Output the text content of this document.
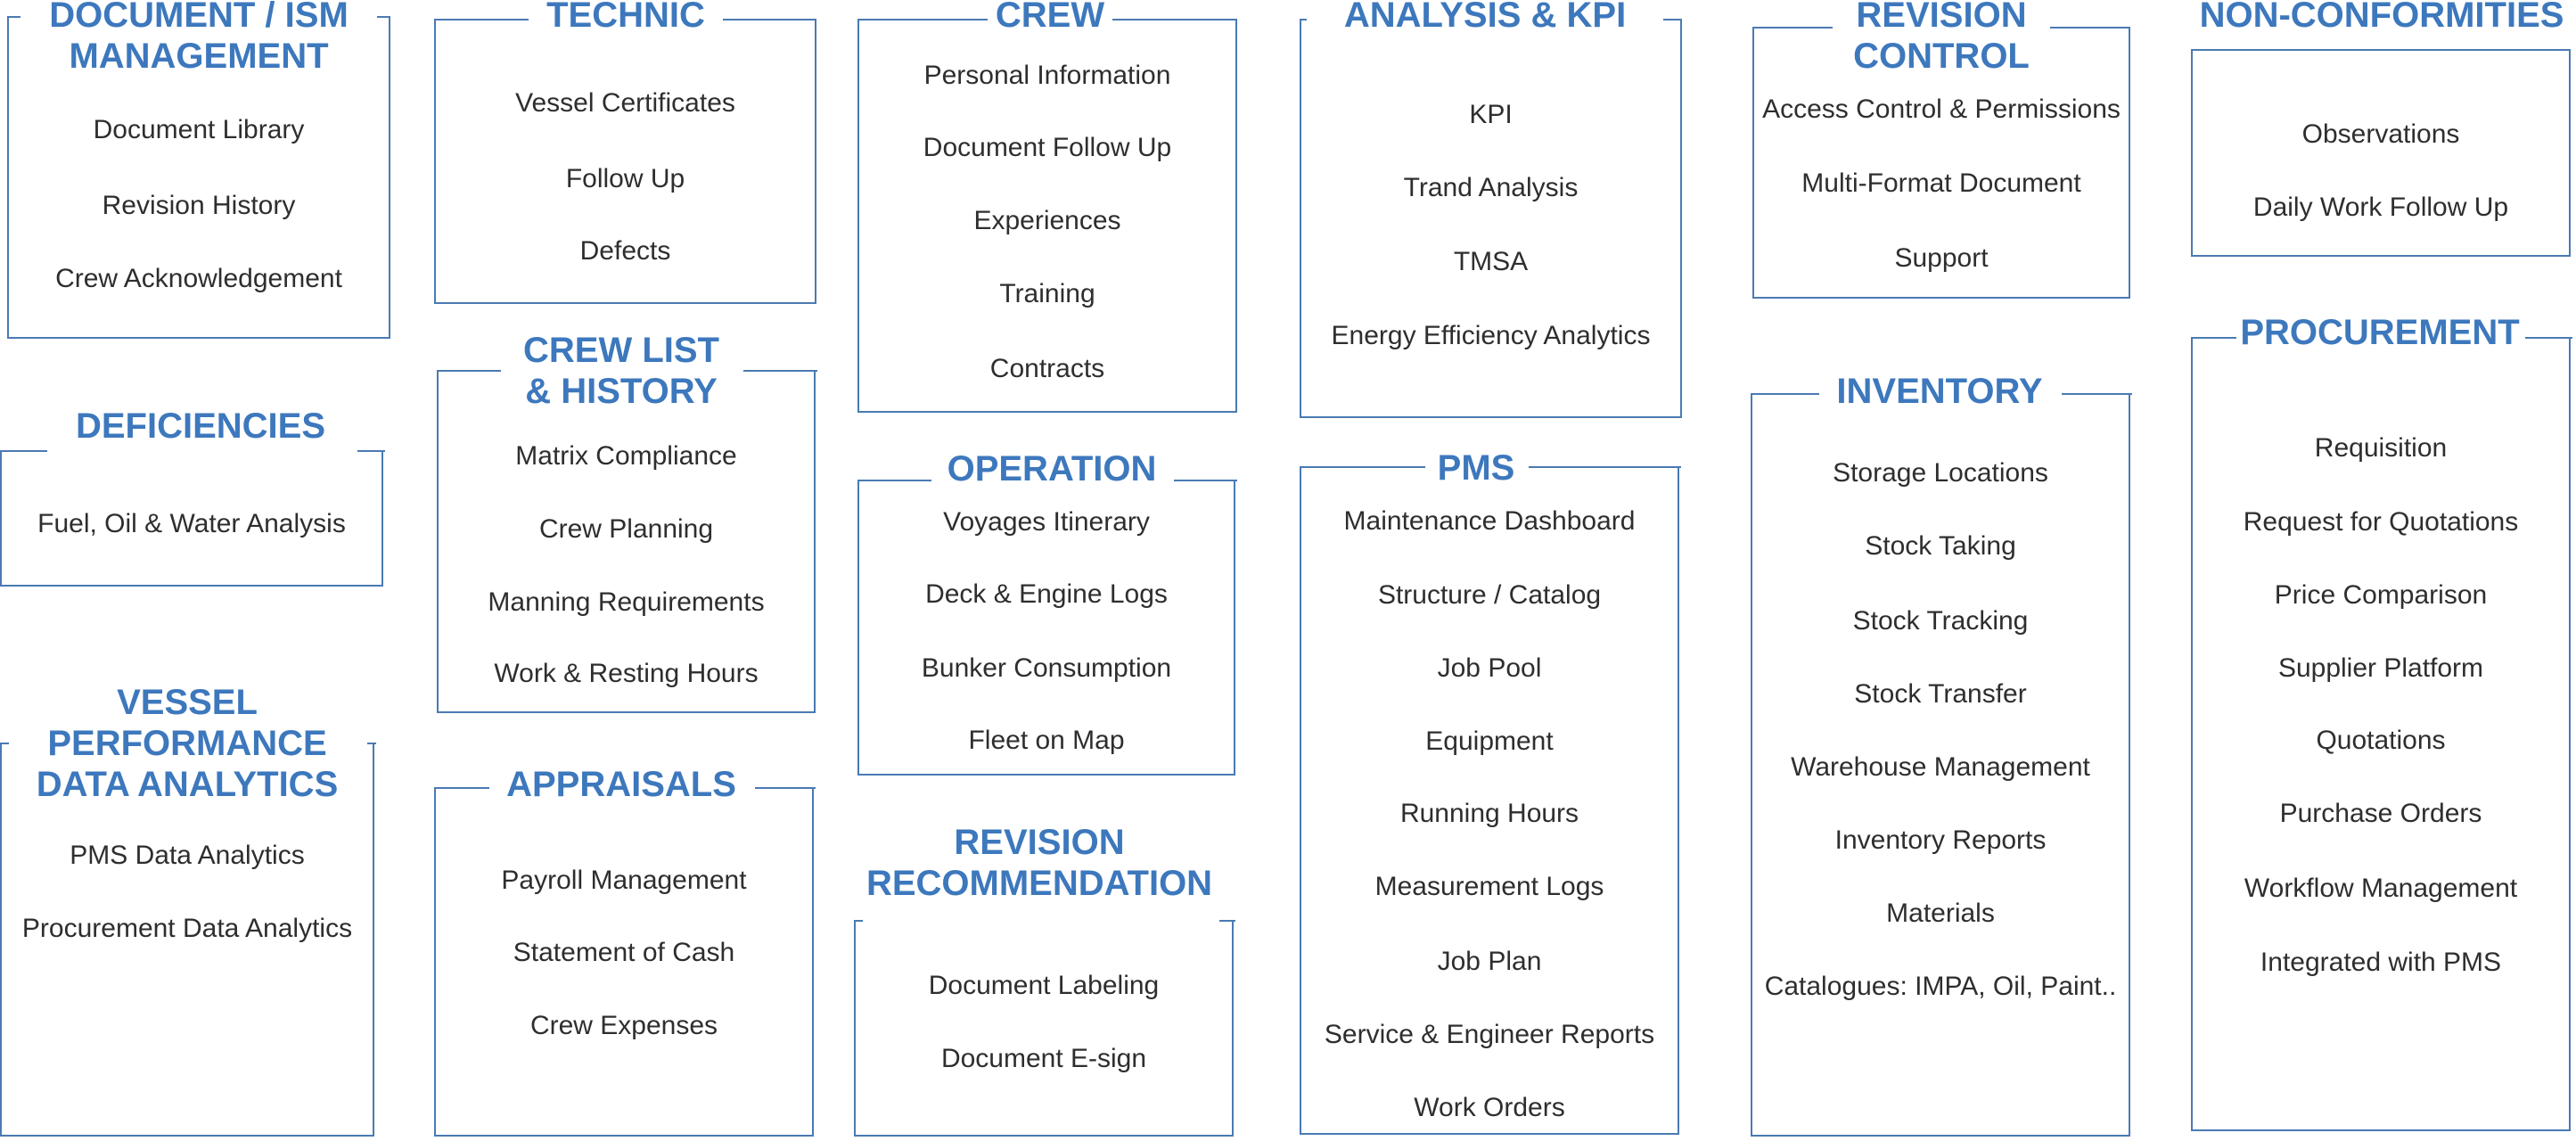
Document Library
Revision History
Crew Acknowledgement
DOCUMENT / ISM
MANAGEMENT
Fuel, Oil & Water Analysis
DEFICIENCIES
PMS Data Analytics
Procurement Data Analytics
VESSEL
PERFORMANCE
DATA ANALYTICS
Vessel Certificates
Follow Up
Defects
TECHNIC
Matrix Compliance
Crew Planning
Manning Requirements
Work & Resting Hours
CREW LIST
& HISTORY
Payroll Management
Statement of Cash
Crew Expenses
APPRAISALS
Personal Information
Document Follow Up
Experiences
Training
Contracts
CREW
Voyages Itinerary
Deck & Engine Logs
Bunker Consumption
Fleet on Map
OPERATION
Document Labeling
Document E-sign
REVISION
RECOMMENDATION
KPI
Trand Analysis
TMSA
Energy Efficiency Analytics
ANALYSIS & KPI
Maintenance Dashboard
Structure / Catalog
Job Pool
Equipment
Running Hours
Measurement Logs
Job Plan
Service & Engineer Reports
Work Orders
PMS
Access Control & Permissions
Multi-Format Document
Support
REVISION
CONTROL
Storage Locations
Stock Taking
Stock Tracking
Stock Transfer
Warehouse Management
Inventory Reports
Materials
Catalogues: IMPA, Oil, Paint..
INVENTORY
Observations
Daily Work Follow Up
NON-CONFORMITIES
Requisition
Request for Quotations
Price Comparison
Supplier Platform
Quotations
Purchase Orders
Workflow Management
Integrated with PMS
PROCUREMENT
